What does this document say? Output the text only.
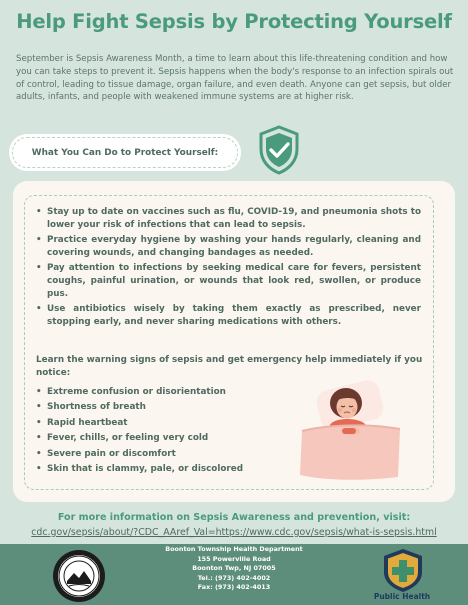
Help Fight Sepsis by Protecting Yourself

September is Sepsis Awareness Month, a time to learn about this life-threatening condition and how you can take steps to prevent it. Sepsis happens when the body's response to an infection spirals out of control, leading to tissue damage, organ failure, and even death. Anyone can get sepsis, but older adults, infants, and people with weakened immune systems are at higher risk.

What You Can Do to Protect Yourself:
• Stay up to date on vaccines such as flu, COVID-19, and pneumonia shots to lower your risk of infections that can lead to sepsis.
• Practice everyday hygiene by washing your hands regularly, cleaning and covering wounds, and changing bandages as needed.
• Pay attention to infections by seeking medical care for fevers, persistent coughs, painful urination, or wounds that look red, swollen, or produce pus.
• Use antibiotics wisely by taking them exactly as prescribed, never stopping early, and never sharing medications with others.

Learn the warning signs of sepsis and get emergency help immediately if you notice:

• Extreme confusion or disorientation
• Shortness of breath
• Rapid heartbeat
• Fever, chills, or feeling very cold
• Severe pain or discomfort
• Skin that is clammy, pale, or discolored

For more information on Sepsis Awareness and prevention, visit:

cdc.gov/sepsis/about/?CDC_AAref_Val=https://www.cdc.gov/sepsis/what-is-sepsis.html

Boonton Township Health Department
155 Powerville Road
Boonton Twp, NJ 07005
Tel.: (973) 402-4002
Fax: (973) 402-4013
Public Health
